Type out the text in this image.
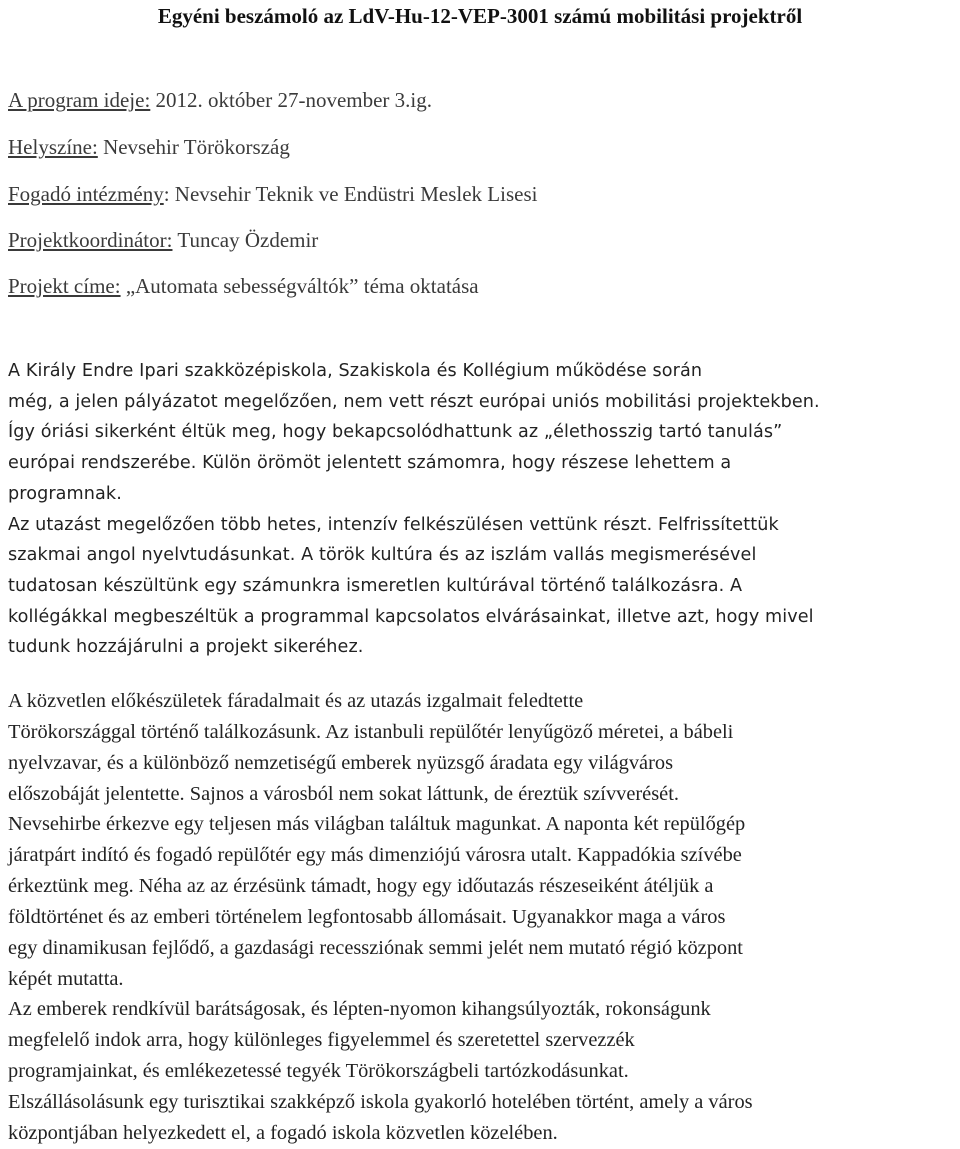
Egyéni beszámoló az LdV-Hu-12-VEP-3001 számú mobilitási projektről
A program ideje: 2012. október 27-november 3.ig.
Helyszíne: Nevsehir Törökország
Fogadó intézmény: Nevsehir Teknik ve Endüstri Meslek Lisesi
Projektkoordinátor: Tuncay Özdemir
Projekt címe: „Automata sebességváltók” téma oktatása
A Király Endre Ipari szakközépiskola, Szakiskola és Kollégium működése során
még, a jelen pályázatot megelőzően, nem vett részt európai uniós mobilitási projektekben.
Így óriási sikerként éltük meg, hogy bekapcsolódhattunk az „élethosszig tartó tanulás”
európai rendszerébe. Külön örömöt jelentett számomra, hogy részese lehettem a
programnak.
Az utazást megelőzően több hetes, intenzív felkészülésen vettünk részt. Felfrissítettük
szakmai angol nyelvtudásunkat. A török kultúra és az iszlám vallás megismerésével
tudatosan készültünk egy számunkra ismeretlen kultúrával történő találkozásra. A
kollégákkal megbeszéltük a programmal kapcsolatos elvárásainkat, illetve azt, hogy mivel
tudunk hozzájárulni a projekt sikeréhez.
A közvetlen előkészületek fáradalmait és az utazás izgalmait feledtette
Törökországgal történő találkozásunk. Az istanbuli repülőtér lenyűgöző méretei, a bábeli
nyelvzavar, és a különböző nemzetiségű emberek nyüzsgő áradata egy világváros
előszobáját jelentette. Sajnos a városból nem sokat láttunk, de éreztük szívverését.
Nevsehirbe érkezve egy teljesen más világban találtuk magunkat. A naponta két repülőgép
járatpárt indító és fogadó repülőtér egy más dimenziójú városra utalt. Kappadókia szívébe
érkeztünk meg. Néha az az érzésünk támadt, hogy egy időutazás részeseiként átéljük a
földtörténet és az emberi történelem legfontosabb állomásait. Ugyanakkor maga a város
egy dinamikusan fejlődő, a gazdasági recessziónak semmi jelét nem mutató régió központ
képét mutatta.
Az emberek rendkívül barátságosak, és lépten-nyomon kihangsúlyozták, rokonságunk
megfelelő indok arra, hogy különleges figyelemmel és szeretettel szervezzék
programjainkat, és emlékezetessé tegyék Törökországbeli tartózkodásunkat.
Elszállásolásunk egy turisztikai szakképző iskola gyakorló hotelében történt, amely a város
központjában helyezkedett el, a fogadó iskola közvetlen közelében.
